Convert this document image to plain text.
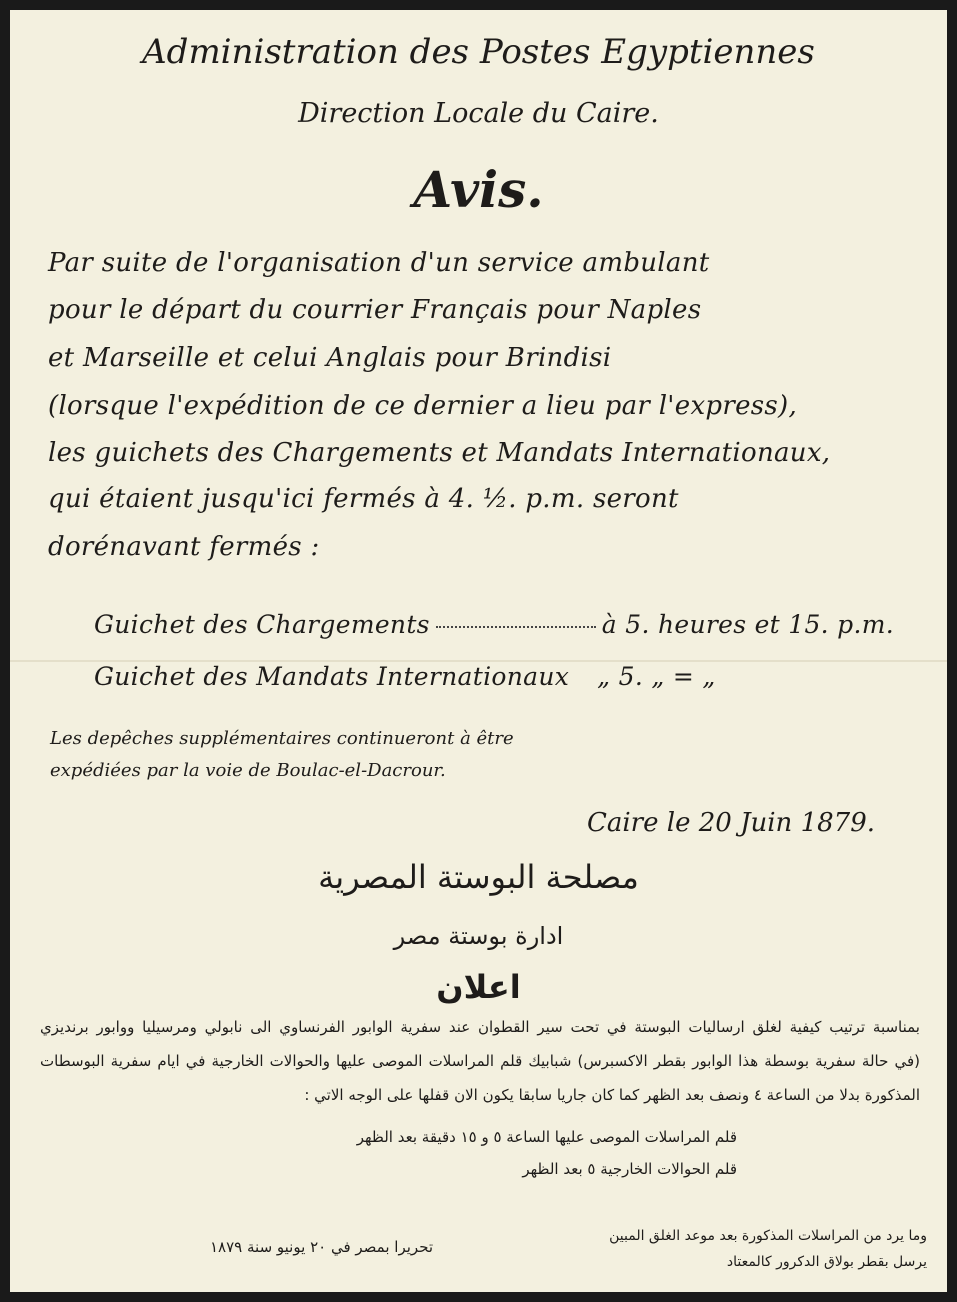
Administration des Postes Egyptiennes
Direction Locale du Caire.
Avis.
Par suite de l'organisation d'un service ambulant
pour le départ du courrier Français pour Naples
et Marseille et celui Anglais pour Brindisi
(lorsque l'expédition de ce dernier a lieu par l'express),
les guichets des Chargements et Mandats Internationaux,
qui étaient jusqu'ici fermés à 4. ½. p.m. seront
dorénavant fermés :
Guichet des Chargements	à 5. heures et 15. p.m.
Guichet des Mandats Internationaux „ 5. „ = „
Les depêches supplémentaires continueront à être
expédiées par la voie de Boulac-el-Dacrour.
Caire le 20 Juin 1879.
مصلحة البوستة المصرية
ادارة بوستة مصر
اعلان
بمناسبة ترتيب كيفية لغلق ارساليات البوستة في تحت سير القطوان عند سفرية الوابور الفرنساوي الى نابولي ومرسيليا ووابور برنديزي
(في حالة سفرية بوسطة هذا الوابور بقطر الاكسبرس) شبابيك قلم المراسلات الموصى عليها والحوالات الخارجية في ايام سفرية البوسطات
المذكورة بدلا من الساعة ٤ ونصف بعد الظهر كما كان جاريا سابقا يكون الان قفلها على الوجه الاتي :
قلم المراسلات الموصى عليها الساعة ٥ و ١٥ دقيقة بعد الظهر
قلم الحوالات الخارجية ٥ بعد الظهر
وما يرد من المراسلات المذكورة بعد موعد الغلق المبين
يرسل بقطر بولاق الدكرور كالمعتاد
تحريرا بمصر في ٢٠ يونيو سنة ١٨٧٩
